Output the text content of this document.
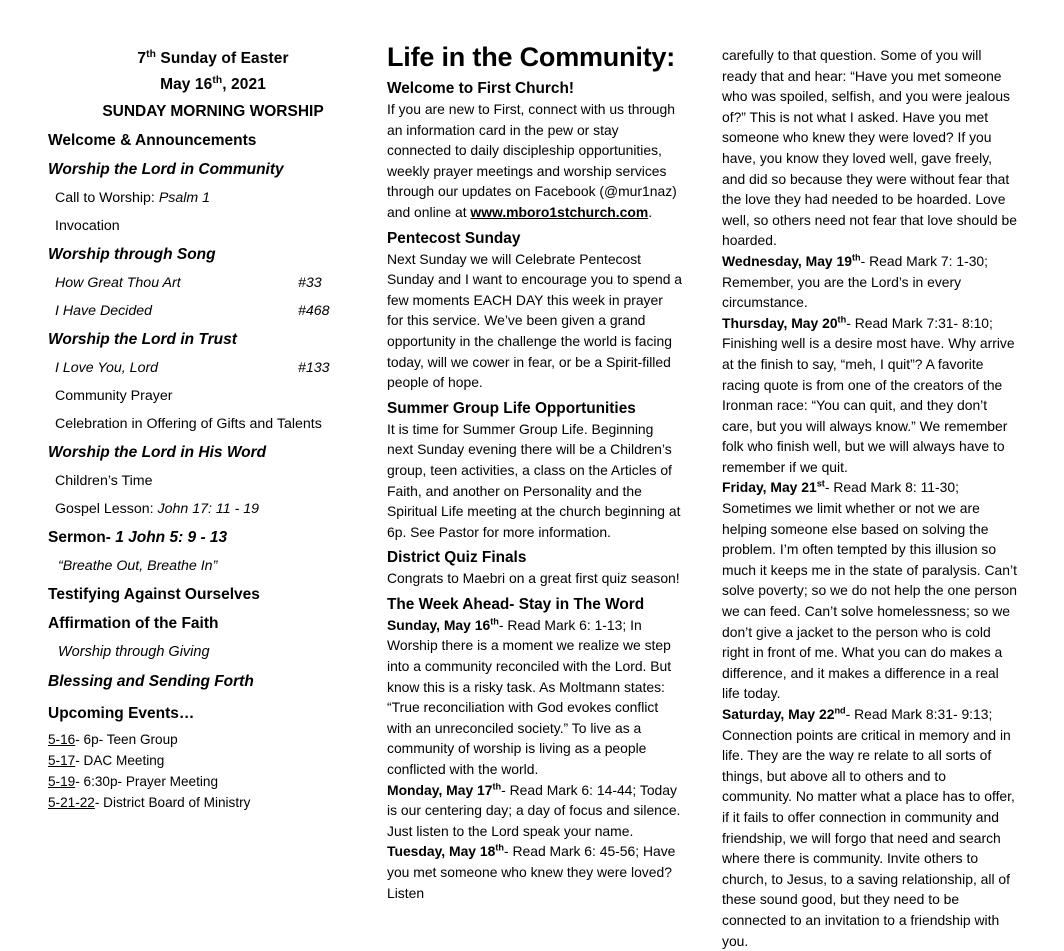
7th Sunday of Easter
May 16th, 2021
SUNDAY MORNING WORSHIP
Welcome & Announcements
Worship the Lord in Community
Call to Worship: Psalm 1
Invocation
Worship through Song
How Great Thou Art	#33
I Have Decided	#468
Worship the Lord in Trust
I Love You, Lord	#133
Community Prayer
Celebration in Offering of Gifts and Talents
Worship the Lord in His Word
Children’s Time
Gospel Lesson: John 17: 11 - 19
Sermon- 1 John 5: 9 - 13
“Breathe Out, Breathe In”
Testifying Against Ourselves
Affirmation of the Faith
Worship through Giving
Blessing and Sending Forth
Upcoming Events…
5-16- 6p- Teen Group
5-17- DAC Meeting
5-19- 6:30p- Prayer Meeting
5-21-22- District Board of Ministry
Life in the Community:
Welcome to First Church!
If you are new to First, connect with us through an information card in the pew or stay connected to daily discipleship opportunities, weekly prayer meetings and worship services through our updates on Facebook (@mur1naz) and online at www.mboro1stchurch.com.
Pentecost Sunday
Next Sunday we will Celebrate Pentecost Sunday and I want to encourage you to spend a few moments EACH DAY this week in prayer for this service. We’ve been given a grand opportunity in the challenge the world is facing today, will we cower in fear, or be a Spirit-filled people of hope.
Summer Group Life Opportunities
It is time for Summer Group Life. Beginning next Sunday evening there will be a Children’s group, teen activities, a class on the Articles of Faith, and another on Personality and the Spiritual Life meeting at the church beginning at 6p. See Pastor for more information.
District Quiz Finals
Congrats to Maebri on a great first quiz season!
The Week Ahead- Stay in The Word
Sunday, May 16th- Read Mark 6: 1-13; In Worship there is a moment we realize we step into a community reconciled with the Lord. But know this is a risky task. As Moltmann states: “True reconciliation with God evokes conflict with an unreconciled society.” To live as a community of worship is living as a people conflicted with the world.
Monday, May 17th- Read Mark 6: 14-44; Today is our centering day; a day of focus and silence. Just listen to the Lord speak your name.
Tuesday, May 18th- Read Mark 6: 45-56; Have you met someone who knew they were loved? Listen
carefully to that question. Some of you will ready that and hear: “Have you met someone who was spoiled, selfish, and you were jealous of?” This is not what I asked. Have you met someone who knew they were loved? If you have, you know they loved well, gave freely, and did so because they were without fear that the love they had needed to be hoarded. Love well, so others need not fear that love should be hoarded.
Wednesday, May 19th- Read Mark 7: 1-30; Remember, you are the Lord’s in every circumstance.
Thursday, May 20th- Read Mark 7:31- 8:10; Finishing well is a desire most have. Why arrive at the finish to say, “meh, I quit”? A favorite racing quote is from one of the creators of the Ironman race: “You can quit, and they don’t care, but you will always know.” We remember folk who finish well, but we will always have to remember if we quit.
Friday, May 21st- Read Mark 8: 11-30; Sometimes we limit whether or not we are helping someone else based on solving the problem. I’m often tempted by this illusion so much it keeps me in the state of paralysis. Can’t solve poverty; so we do not help the one person we can feed. Can’t solve homelessness; so we don’t give a jacket to the person who is cold right in front of me. What you can do makes a difference, and it makes a difference in a real life today.
Saturday, May 22nd- Read Mark 8:31- 9:13; Connection points are critical in memory and in life. They are the way re relate to all sorts of things, but above all to others and to community. No matter what a place has to offer, if it fails to offer connection in community and friendship, we will forgo that need and search where there is community. Invite others to church, to Jesus, to a saving relationship, all of these sound good, but they need to be connected to an invitation to a friendship with you.
